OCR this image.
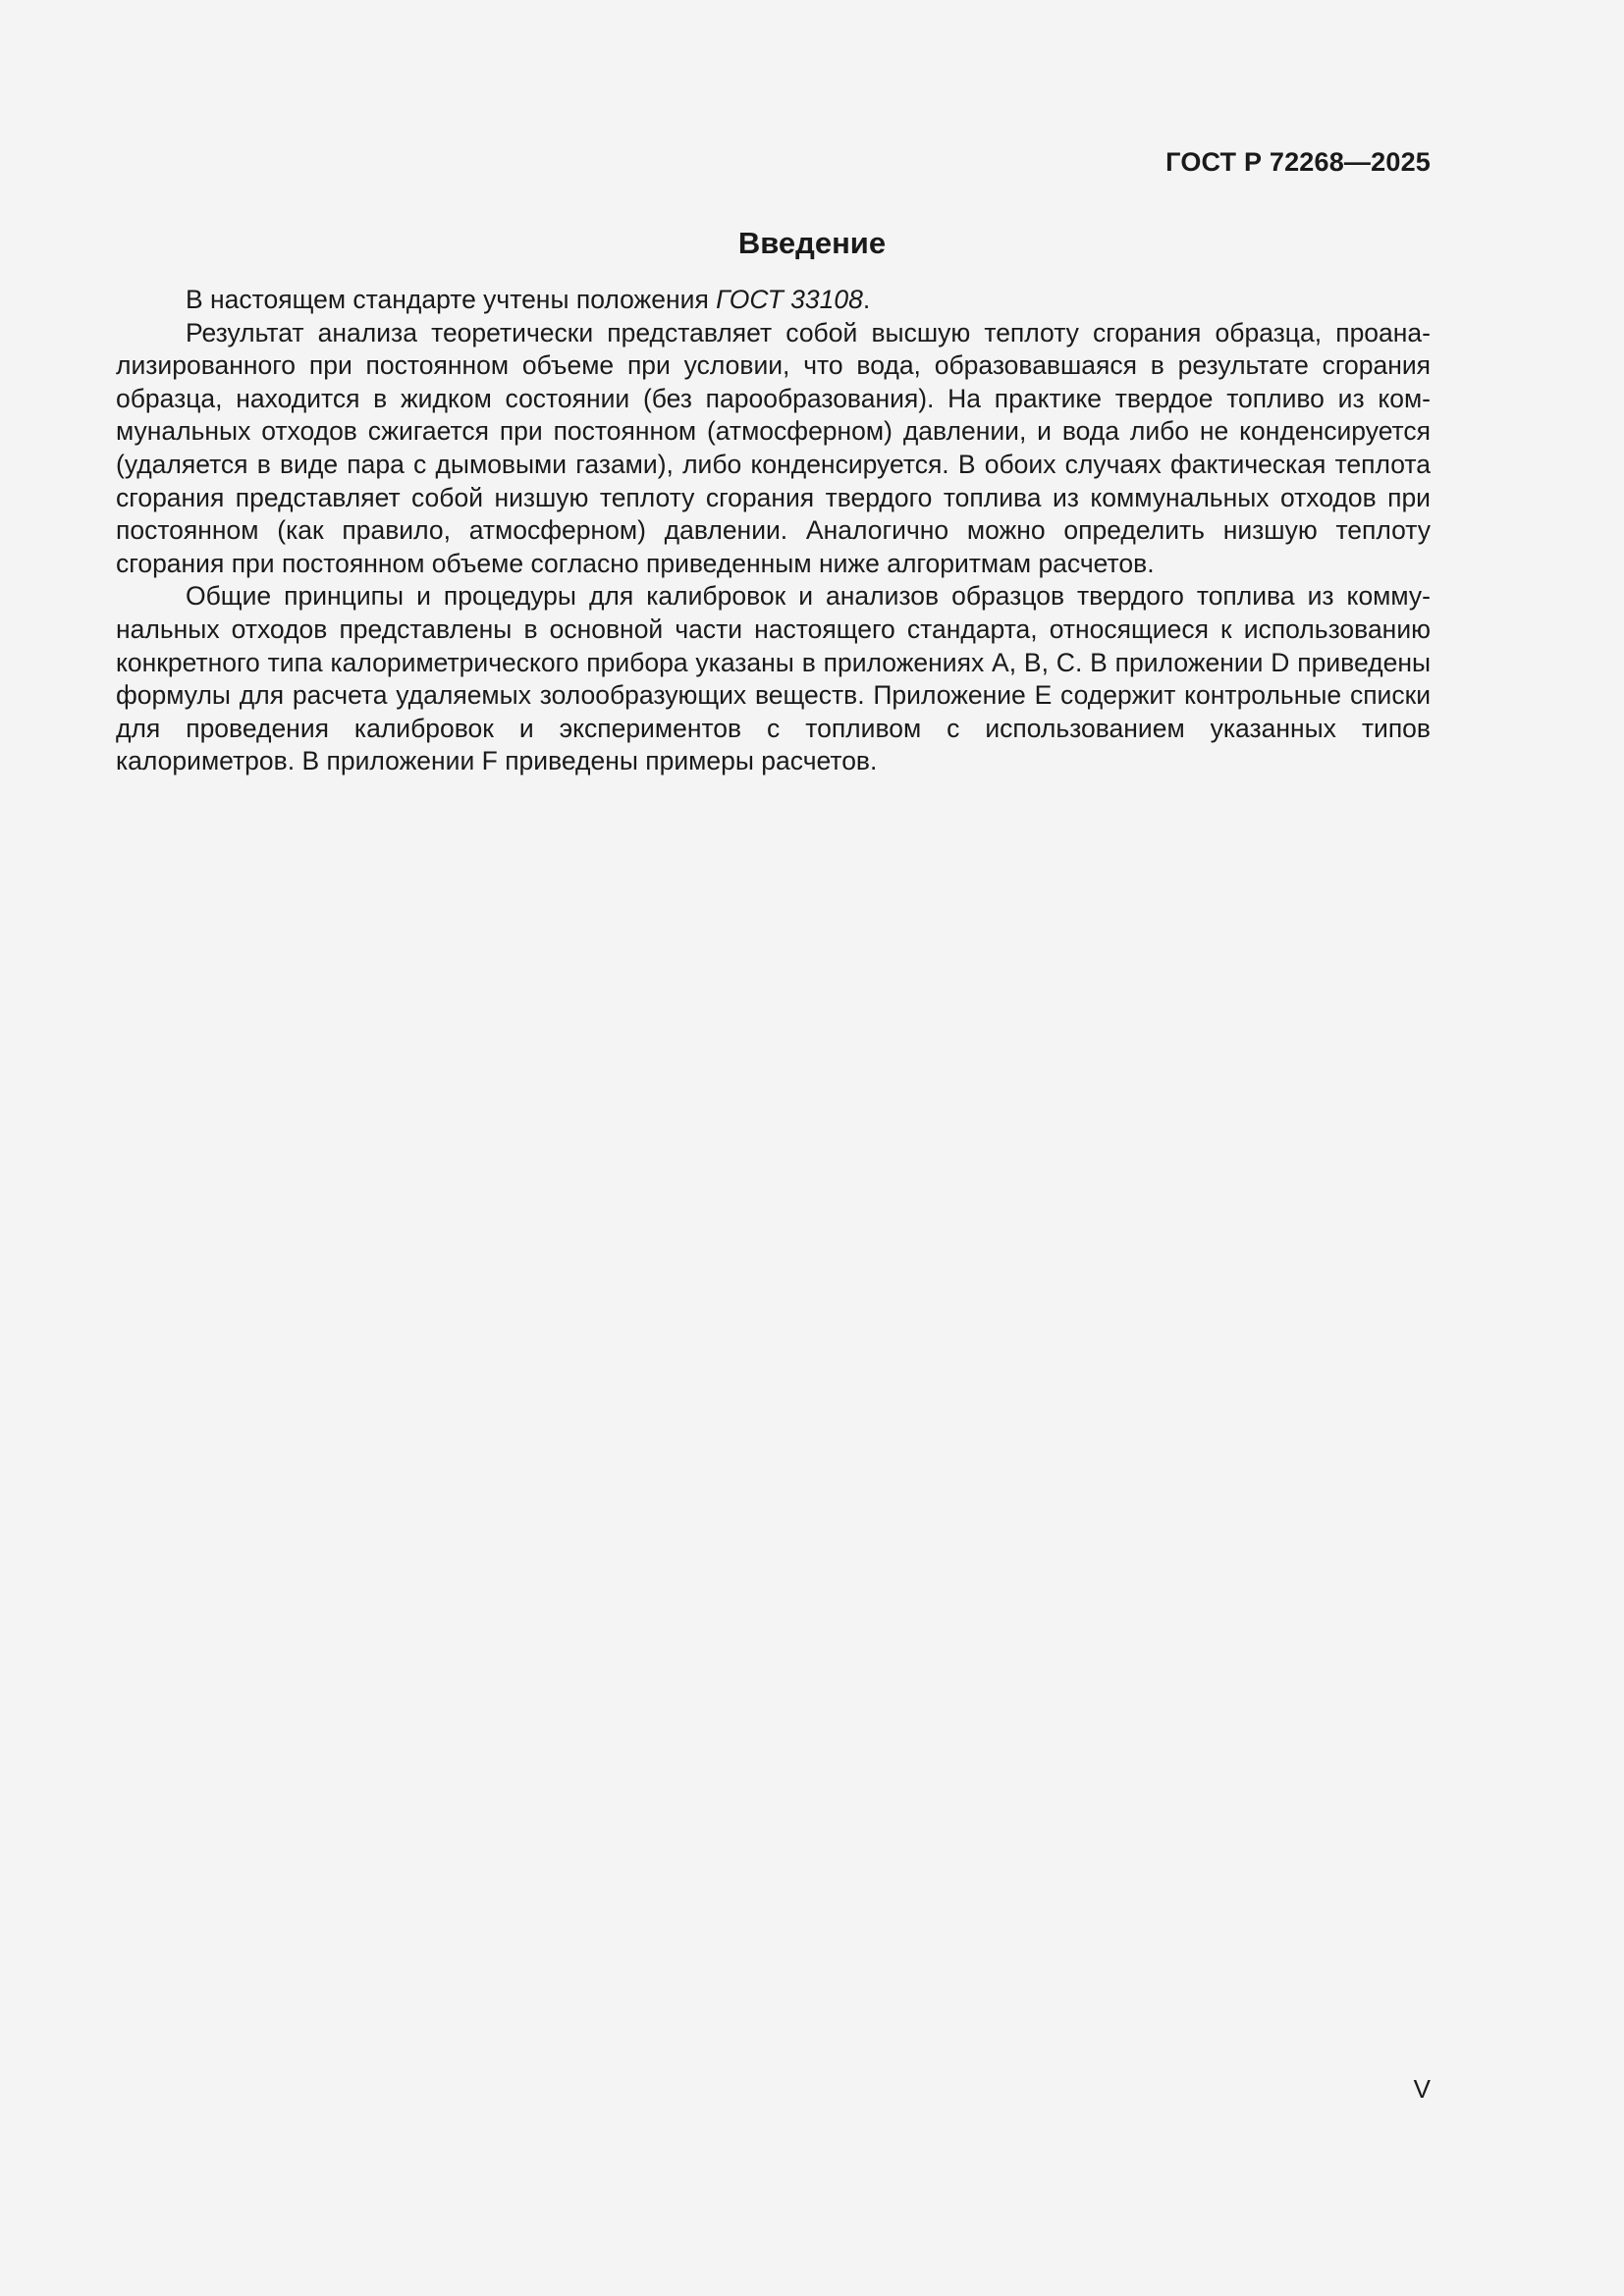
ГОСТ Р 72268—2025
Введение

В настоящем стандарте учтены положения ГОСТ 33108.

Результат анализа теоретически представляет собой высшую теплоту сгорания образца, проанализированного при постоянном объеме при условии, что вода, образовавшаяся в результате сгорания образца, находится в жидком состоянии (без парообразования). На практике твердое топливо из коммунальных отходов сжигается при постоянном (атмосферном) давлении, и вода либо не конденсируется (удаляется в виде пара с дымовыми газами), либо конденсируется. В обоих случаях фактическая теплота сгорания представляет собой низшую теплоту сгорания твердого топлива из коммунальных отходов при постоянном (как правило, атмосферном) давлении. Аналогично можно определить низшую теплоту сгорания при постоянном объеме согласно приведенным ниже алгоритмам расчетов.

Общие принципы и процедуры для калибровок и анализов образцов твердого топлива из коммунальных отходов представлены в основной части настоящего стандарта, относящиеся к использованию конкретного типа калориметрического прибора указаны в приложениях А, В, С. В приложении D приведены формулы для расчета удаляемых золообразующих веществ. Приложение Е содержит контрольные списки для проведения калибровок и экспериментов с топливом с использованием указанных типов калориметров. В приложении F приведены примеры расчетов.

V
